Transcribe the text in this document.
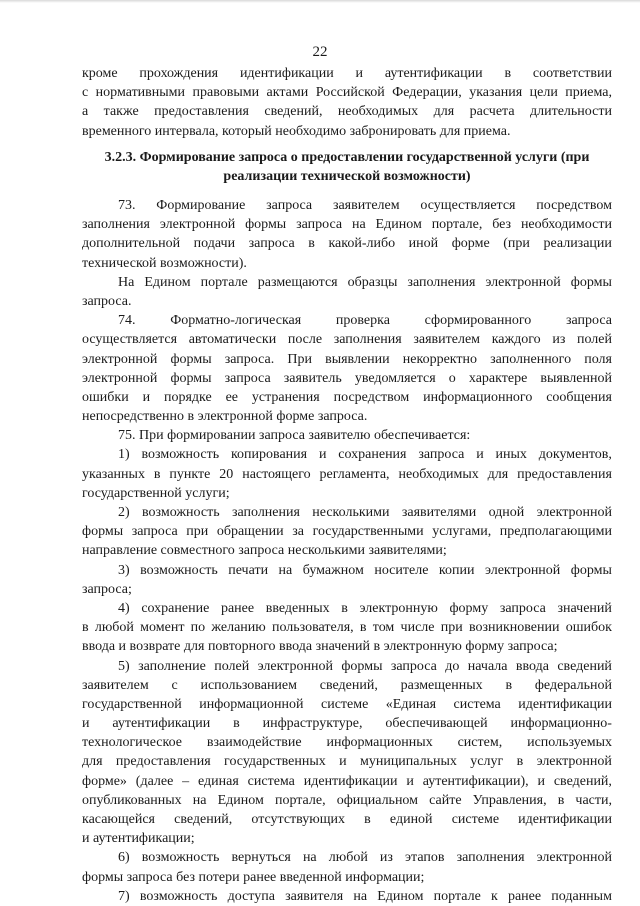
22
кроме прохождения идентификации и аутентификации в соответствии
с нормативными правовыми актами Российской Федерации, указания цели приема,
а также предоставления сведений, необходимых для расчета длительности
временного интервала, который необходимо забронировать для приема.
3.2.3. Формирование запроса о предоставлении государственной услуги (при
реализации технической возможности)
73. Формирование запроса заявителем осуществляется посредством
заполнения электронной формы запроса на Едином портале, без необходимости
дополнительной подачи запроса в какой-либо иной форме (при реализации
технической возможности).
На Едином портале размещаются образцы заполнения электронной формы
запроса.
74. Форматно-логическая проверка сформированного запроса
осуществляется автоматически после заполнения заявителем каждого из полей
электронной формы запроса. При выявлении некорректно заполненного поля
электронной формы запроса заявитель уведомляется о характере выявленной
ошибки и порядке ее устранения посредством информационного сообщения
непосредственно в электронной форме запроса.
75. При формировании запроса заявителю обеспечивается:
1) возможность копирования и сохранения запроса и иных документов,
указанных в пункте 20 настоящего регламента, необходимых для предоставления
государственной услуги;
2) возможность заполнения несколькими заявителями одной электронной
формы запроса при обращении за государственными услугами, предполагающими
направление совместного запроса несколькими заявителями;
3) возможность печати на бумажном носителе копии электронной формы
запроса;
4) сохранение ранее введенных в электронную форму запроса значений
в любой момент по желанию пользователя, в том числе при возникновении ошибок
ввода и возврате для повторного ввода значений в электронную форму запроса;
5) заполнение полей электронной формы запроса до начала ввода сведений
заявителем с использованием сведений, размещенных в федеральной
государственной информационной системе «Единая система идентификации
и аутентификации в инфраструктуре, обеспечивающей информационно-
технологическое взаимодействие информационных систем, используемых
для предоставления государственных и муниципальных услуг в электронной
форме» (далее – единая система идентификации и аутентификации), и сведений,
опубликованных на Едином портале, официальном сайте Управления, в части,
касающейся сведений, отсутствующих в единой системе идентификации
и аутентификации;
6) возможность вернуться на любой из этапов заполнения электронной
формы запроса без потери ранее введенной информации;
7) возможность доступа заявителя на Едином портале к ранее поданным
